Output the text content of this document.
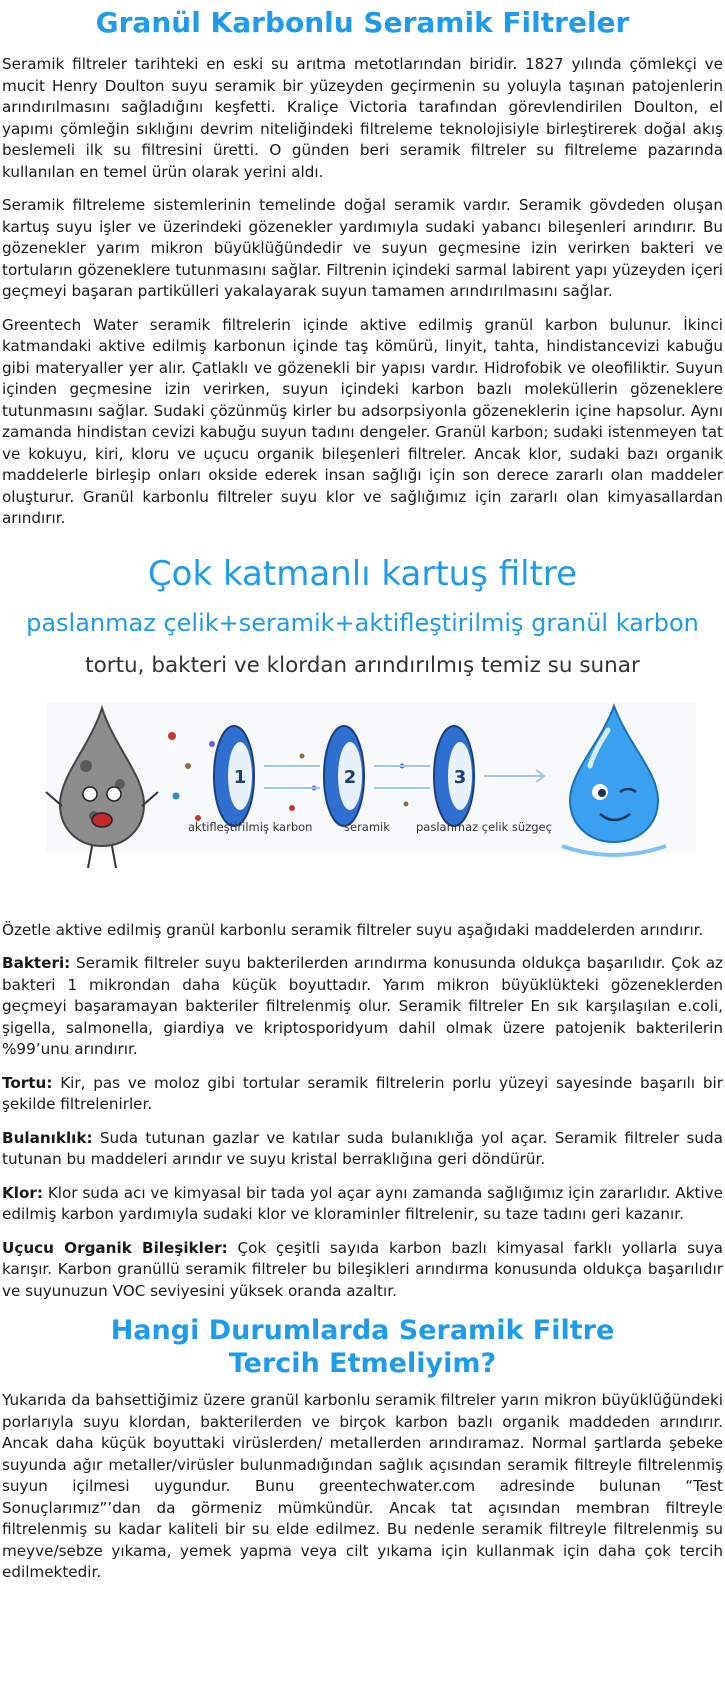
Granül Karbonlu Seramik Filtreler

Seramik filtreler tarihteki en eski su arıtma metotlarından biridir. 1827 yılında çömlekçi ve mucit Henry Doulton suyu seramik bir yüzeyden geçirmenin su yoluyla taşınan patojenlerin arındırılmasını sağladığını keşfetti. Kraliçe Victoria tarafından görevlendirilen Doulton, el yapımı çömleğin sıklığını devrim niteliğindeki filtreleme teknolojisiyle birleştirerek doğal akış beslemeli ilk su filtresini üretti. O günden beri seramik filtreler su filtreleme pazarında kullanılan en temel ürün olarak yerini aldı.

Seramik filtreleme sistemlerinin temelinde doğal seramik vardır. Seramik gövdeden oluşan kartuş suyu işler ve üzerindeki gözenekler yardımıyla sudaki yabancı bileşenleri arındırır. Bu gözenekler yarım mikron büyüklüğündedir ve suyun geçmesine izin verirken bakteri ve tortuların gözeneklere tutunmasını sağlar. Filtrenin içindeki sarmal labirent yapı yüzeyden içeri geçmeyi başaran partikülleri yakalayarak suyun tamamen arındırılmasını sağlar.

Greentech Water seramik filtrelerin içinde aktive edilmiş granül karbon bulunur. İkinci katmandaki aktive edilmiş karbonun içinde taş kömürü, linyit, tahta, hindistancevizi kabuğu gibi materyaller yer alır. Çatlaklı ve gözenekli bir yapısı vardır. Hidrofobik ve oleofiliktir. Suyun içinden geçmesine izin verirken, suyun içindeki karbon bazlı moleküllerin gözeneklere tutunmasını sağlar. Sudaki çözünmüş kirler bu adsorpsiyonla gözeneklerin içine hapsolur. Aynı zamanda hindistan cevizi kabuğu suyun tadını dengeler. Granül karbon; sudaki istenmeyen tat ve kokuyu, kiri, kloru ve uçucu organik bileşenleri filtreler. Ancak klor, sudaki bazı organik maddelerle birleşip onları okside ederek insan sağlığı için son derece zararlı olan maddeler oluşturur. Granül karbonlu filtreler suyu klor ve sağlığımız için zararlı olan kimyasallardan arındırır.

Çok katmanlı kartuş filtre
paslanmaz çelik+seramik+aktifleştirilmiş granül karbon
tortu, bakteri ve klordan arındırılmış temiz su sunar
1	2	3
aktifleştirilmiş karbon	seramik paslanmaz çelik süzgeç

Özetle aktive edilmiş granül karbonlu seramik filtreler suyu aşağıdaki maddelerden arındırır.

Bakteri: Seramik filtreler suyu bakterilerden arındırma konusunda oldukça başarılıdır. Çok az bakteri 1 mikrondan daha küçük boyuttadır. Yarım mikron büyüklükteki gözeneklerden geçmeyi başaramayan bakteriler filtrelenmiş olur. Seramik filtreler En sık karşılaşılan e.coli, şigella, salmonella, giardiya ve kriptosporidyum dahil olmak üzere patojenik bakterilerin %99’unu arındırır.

Tortu: Kir, pas ve moloz gibi tortular seramik filtrelerin porlu yüzeyi sayesinde başarılı bir şekilde filtrelenirler.

Bulanıklık: Suda tutunan gazlar ve katılar suda bulanıklığa yol açar. Seramik filtreler suda tutunan bu maddeleri arındır ve suyu kristal berraklığına geri döndürür.

Klor: Klor suda acı ve kimyasal bir tada yol açar aynı zamanda sağlığımız için zararlıdır. Aktive edilmiş karbon yardımıyla sudaki klor ve kloraminler filtrelenir, su taze tadını geri kazanır.

Uçucu Organik Bileşikler: Çok çeşitli sayıda karbon bazlı kimyasal farklı yollarla suya karışır. Karbon granüllü seramik filtreler bu bileşikleri arındırma konusunda oldukça başarılıdır ve suyunuzun VOC seviyesini yüksek oranda azaltır.

Hangi Durumlarda Seramik Filtre
Tercih Etmeliyim?

Yukarıda da bahsettiğimiz üzere granül karbonlu seramik filtreler yarın mikron büyüklüğündeki porlarıyla suyu klordan, bakterilerden ve birçok karbon bazlı organik maddeden arındırır. Ancak daha küçük boyuttaki virüslerden/ metallerden arındıramaz. Normal şartlarda şebeke suyunda ağır metaller/virüsler bulunmadığından sağlık açısından seramik filtreyle filtrelenmiş suyun içilmesi uygundur. Bunu greentechwater.com adresinde bulunan “Test Sonuçlarımız”’dan da görmeniz mümkündür. Ancak tat açısından membran filtreyle filtrelenmiş su kadar kaliteli bir su elde edilmez. Bu nedenle seramik filtreyle filtrelenmiş su meyve/sebze yıkama, yemek yapma veya cilt yıkama için kullanmak için daha çok tercih edilmektedir.
